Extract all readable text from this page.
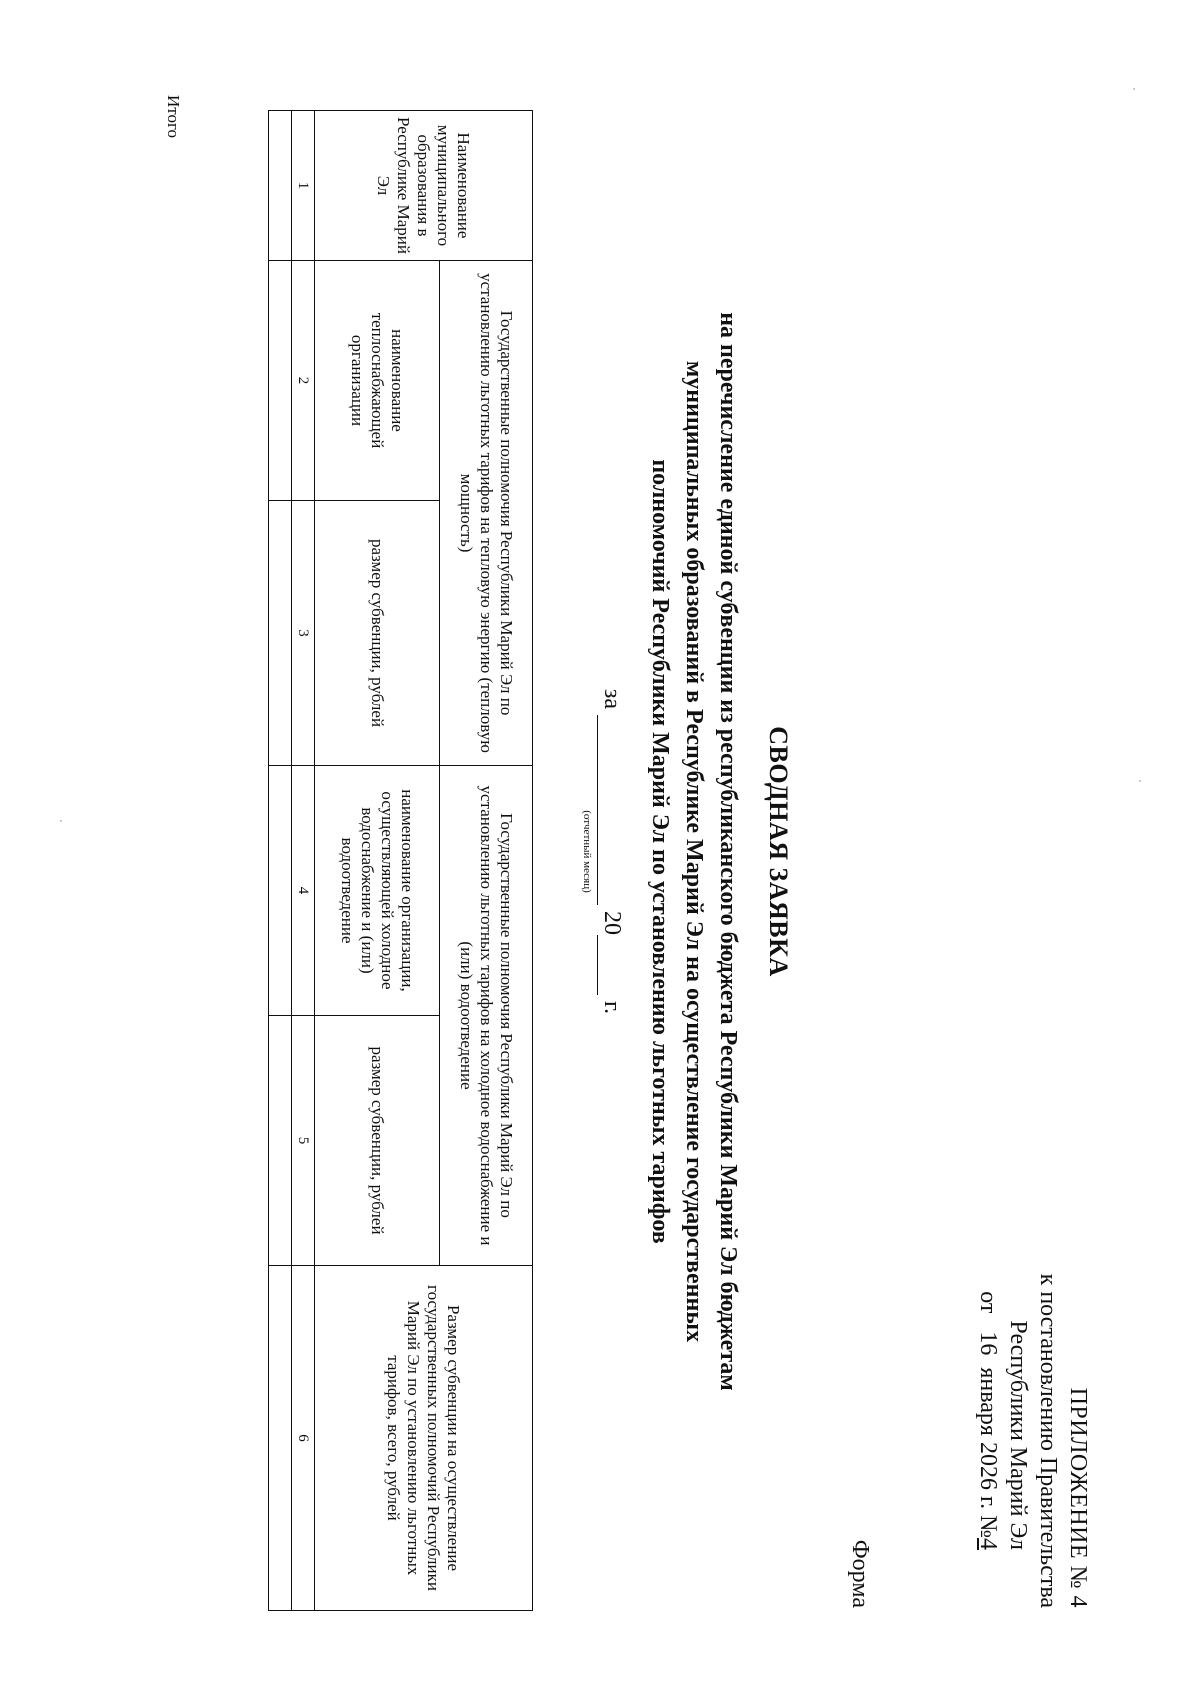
ПРИЛОЖЕНИЕ № 4
к постановлению Правительства
Республики Марий Эл
от   16  января 2026 г. №4
Форма
СВОДНАЯ ЗАЯВКА
на перечисление единой субвенции из республиканского бюджета Республики Марий Эл бюджетам
муниципальных образований в Республике Марий Эл на осуществление государственных
полномочий Республики Марий Эл по установлению льготных тарифов
за   20  г.
(отчетный месяц)
Наименование муниципального образования в Республике Марий Эл	Государственные полномочия Республики Марий Эл по установлению льготных тарифов на тепловую энергию (тепловую мощность)		Государственные полномочия Республики Марий Эл по установлению льготных тарифов на холодное водоснабжение и (или) водоотведение		Размер субвенции на осуществление государственных полномочий Республики Марий Эл по установлению льготных тарифов, всего, рублей
	наименование теплоснабжающей организации	размер субвенции, рублей	наименование организации, осуществляющей холодное водоснабжение и (или) водоотведение	размер субвенции, рублей	
1	2	3	4	5	6

Итого
